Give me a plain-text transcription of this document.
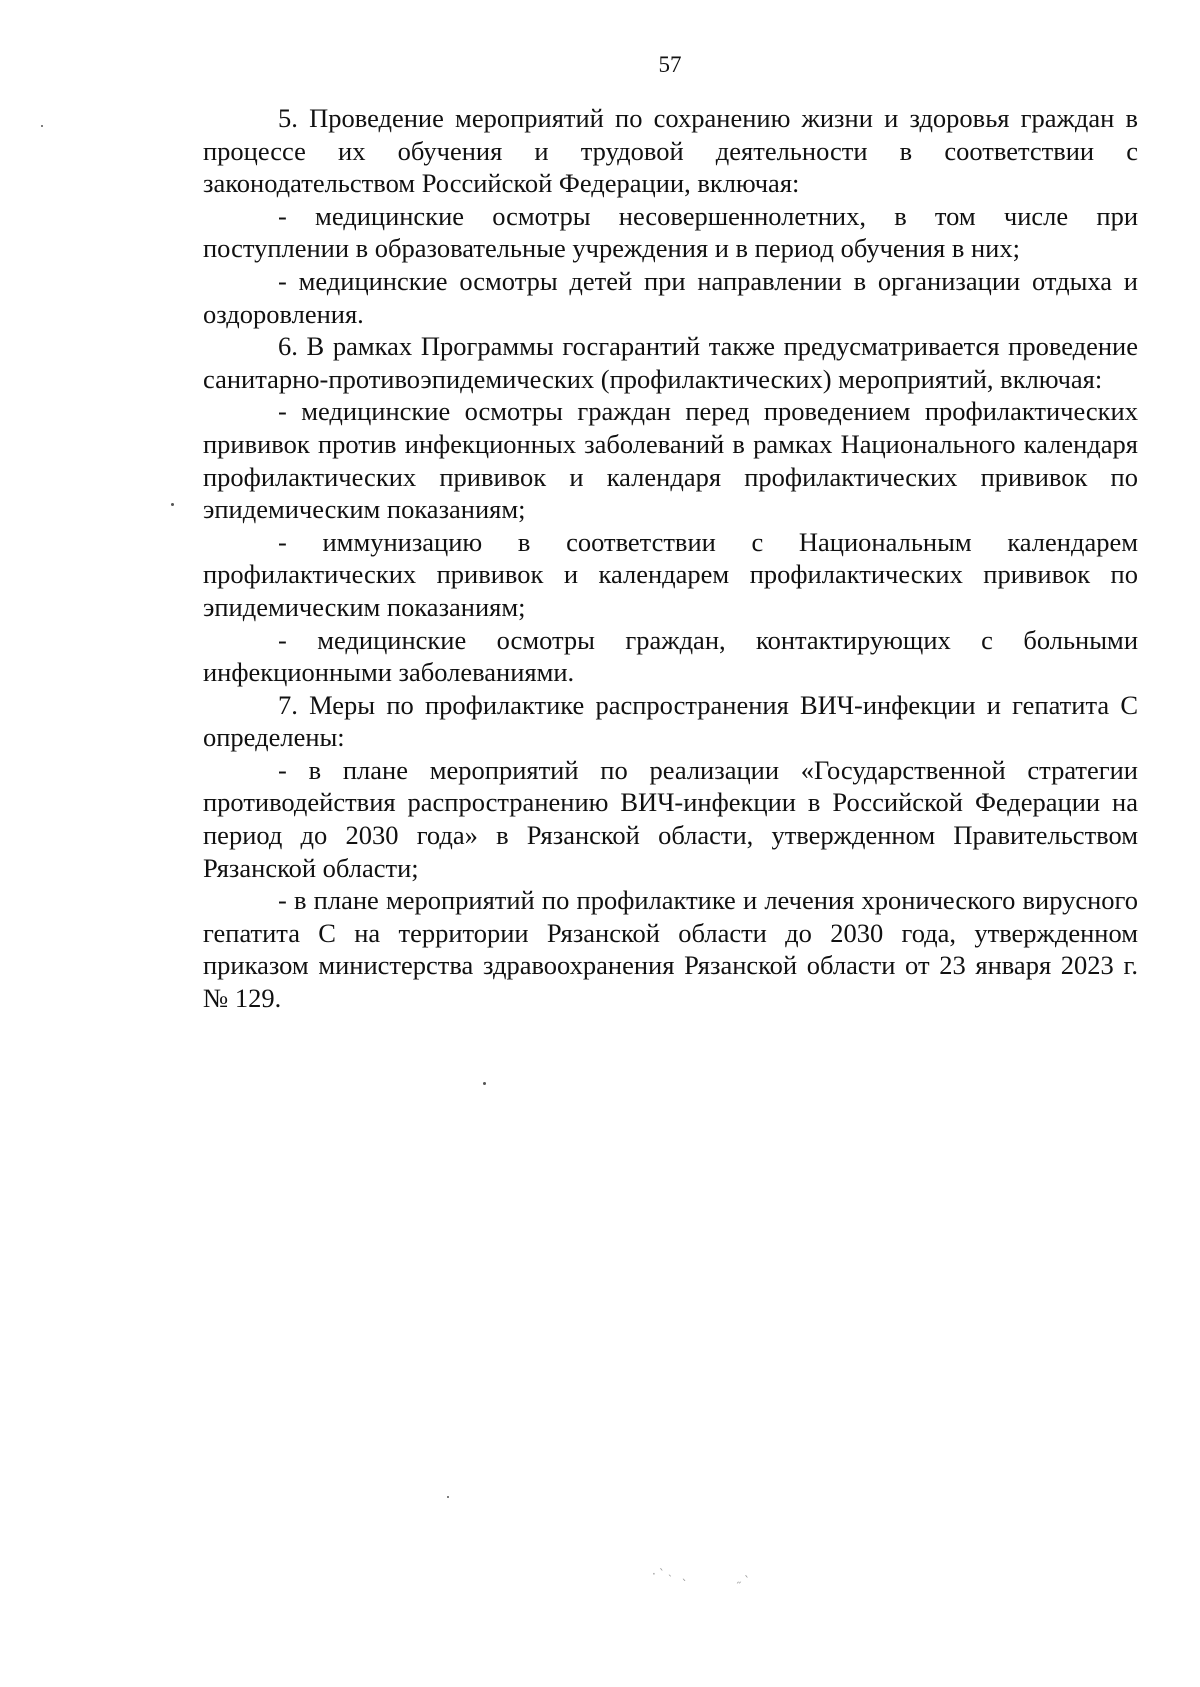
57

5. Проведение мероприятий по сохранению жизни и здоровья граждан в процессе их обучения и трудовой деятельности в соответствии с законодательством Российской Федерации, включая:

- медицинские осмотры несовершеннолетних, в том числе при поступлении в образовательные учреждения и в период обучения в них;

- медицинские осмотры детей при направлении в организации отдыха и оздоровления.

6. В рамках Программы госгарантий также предусматривается проведение санитарно-противоэпидемических (профилактических) мероприятий, включая:

- медицинские осмотры граждан перед проведением профилактических прививок против инфекционных заболеваний в рамках Национального календаря профилактических прививок и календаря профилактических прививок по эпидемическим показаниям;

- иммунизацию в соответствии с Национальным календарем профилактических прививок и календарем профилактических прививок по эпидемическим показаниям;

- медицинские осмотры граждан, контактирующих с больными инфекционными заболеваниями.

7. Меры по профилактике распространения ВИЧ-инфекции и гепатита С определены:

- в плане мероприятий по реализации «Государственной стратегии противодействия распространению ВИЧ-инфекции в Российской Федерации на период до 2030 года» в Рязанской области, утвержденном Правительством Рязанской области;

- в плане мероприятий по профилактике и лечения хронического вирусного гепатита С на территории Рязанской области до 2030 года, утвержденном приказом министерства здравоохранения Рязанской области от 23 января 2023 г. № 129.

·ˋ˴ ˎ	˶ˋ
